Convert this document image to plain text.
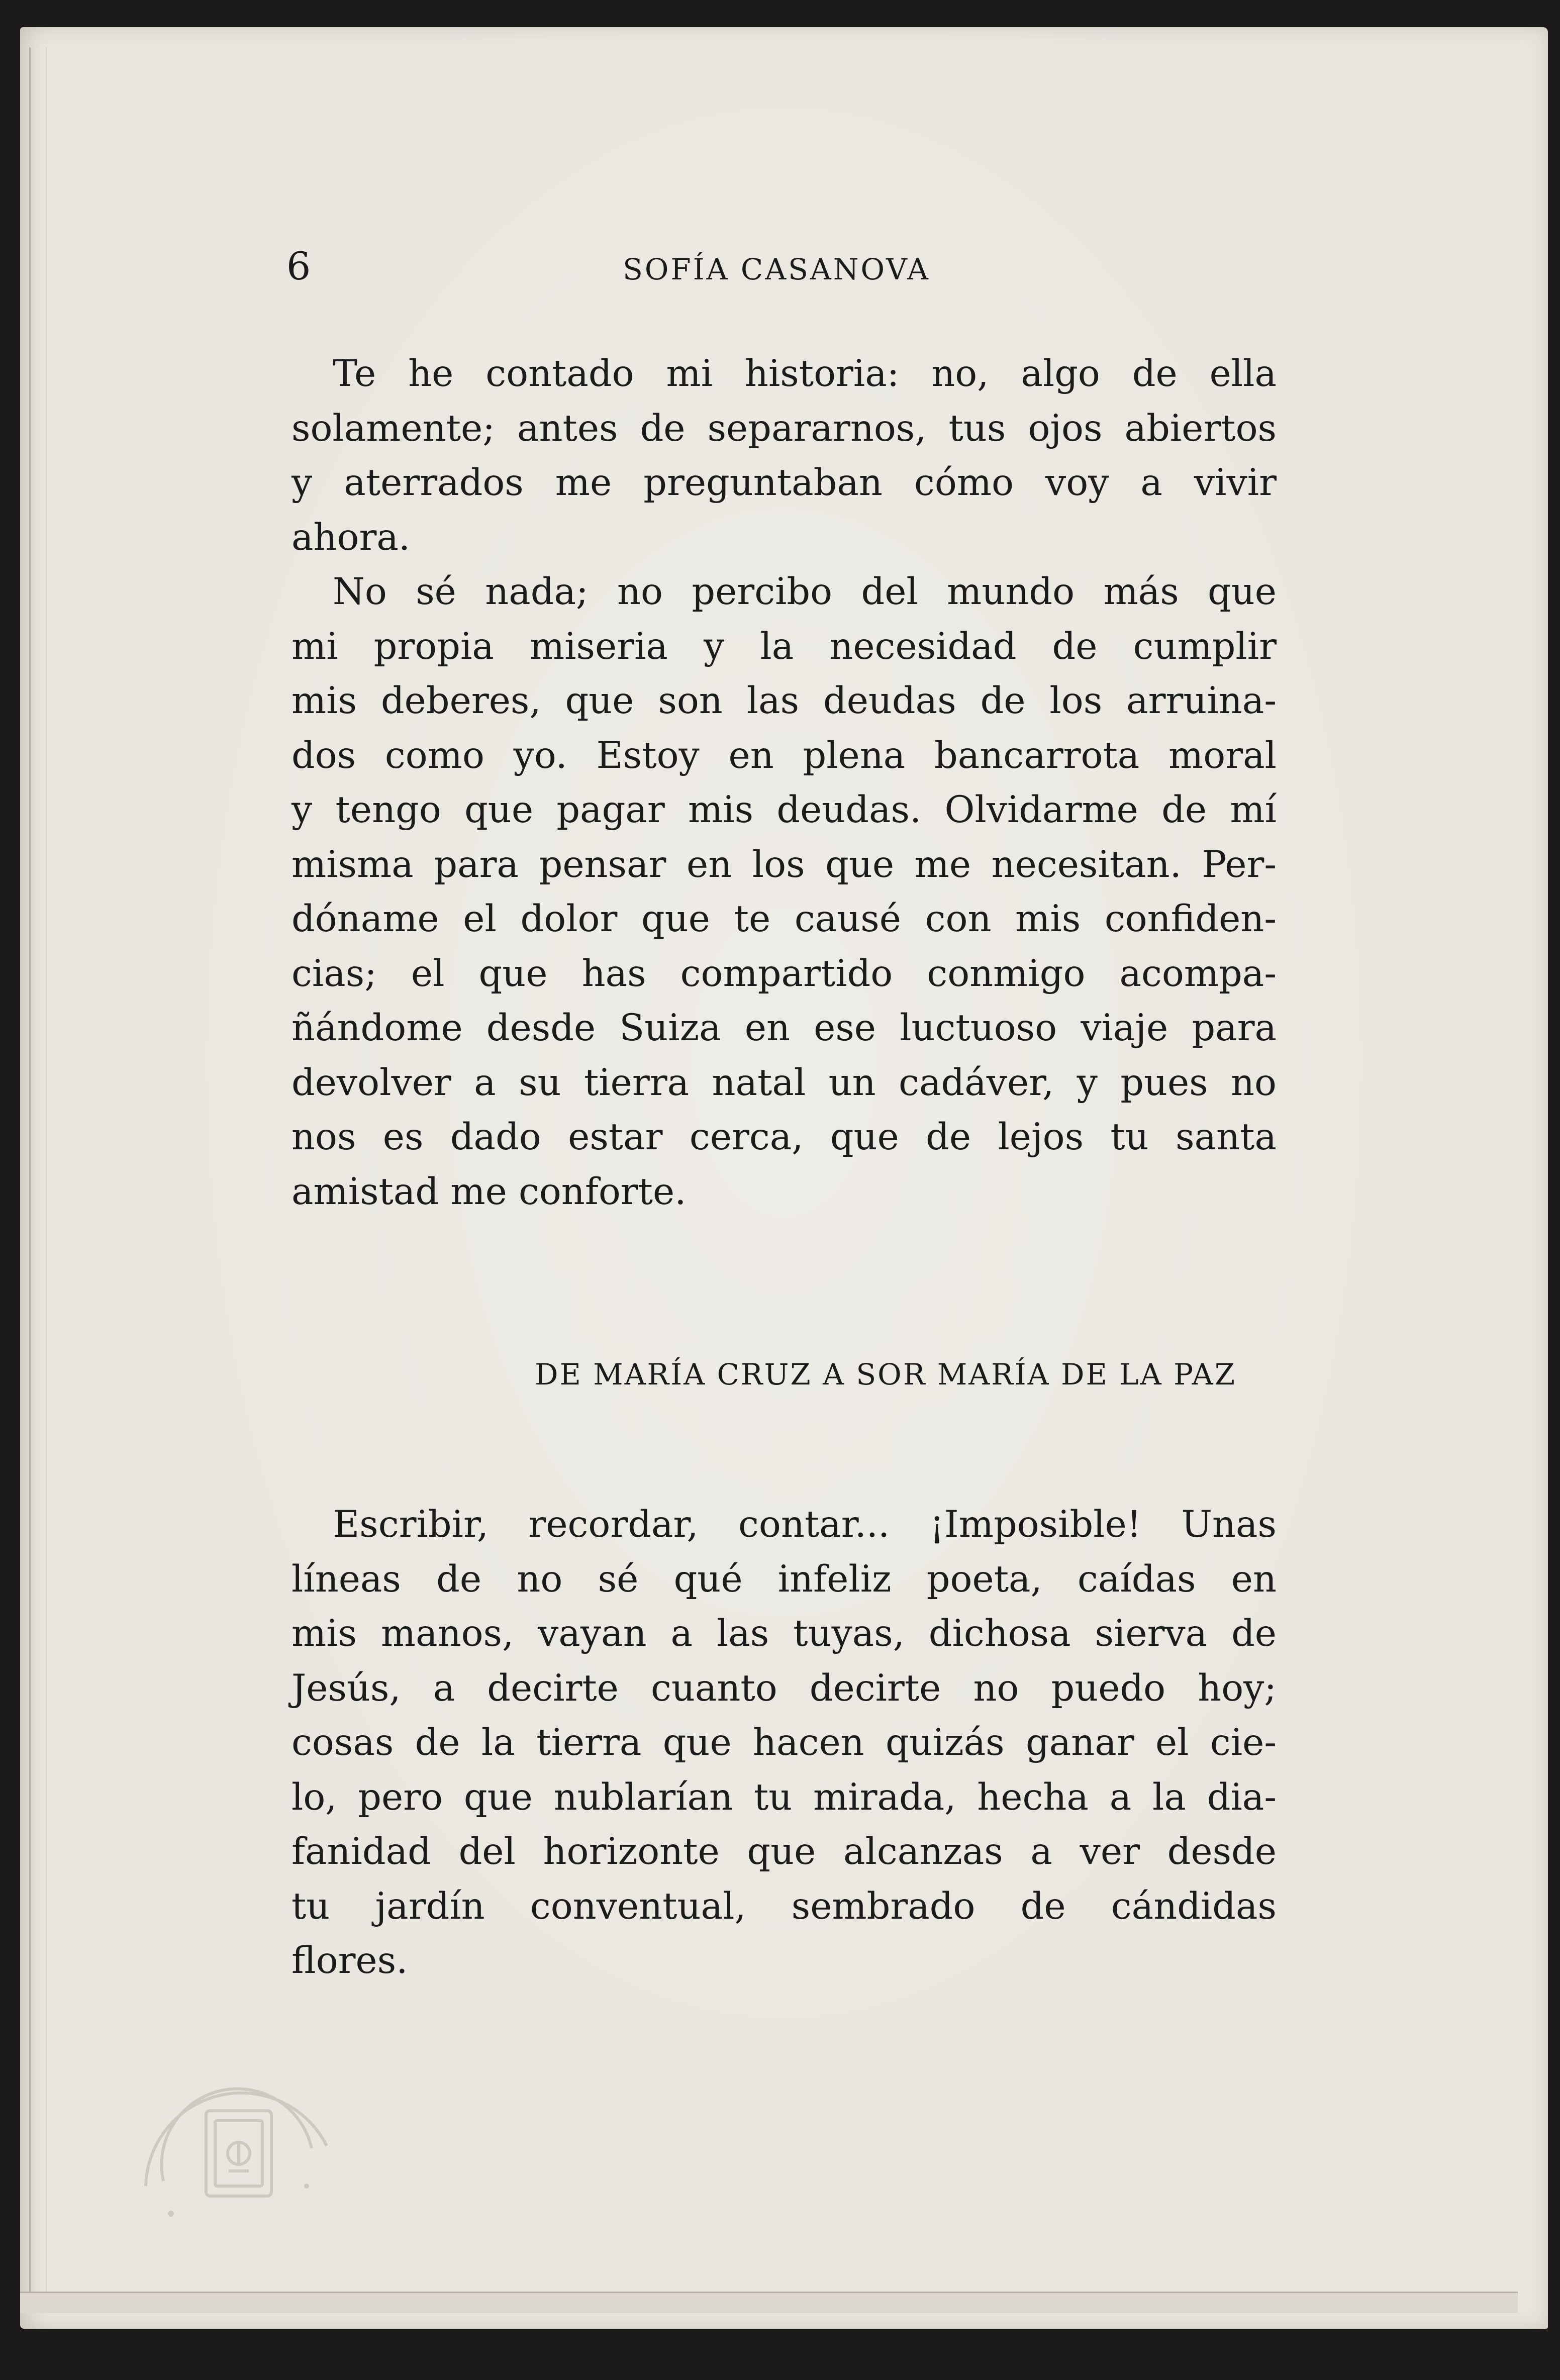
6	SOFÍA CASANOVA
Te he contado mi historia: no, algo de ella
solamente; antes de separarnos, tus ojos abiertos
y aterrados me preguntaban cómo voy a vivir
ahora.
No sé nada; no percibo del mundo más que
mi propia miseria y la necesidad de cumplir
mis deberes, que son las deudas de los arruina-
dos como yo. Estoy en plena bancarrota moral
y tengo que pagar mis deudas. Olvidarme de mí
misma para pensar en los que me necesitan. Per-
dóname el dolor que te causé con mis confiden-
cias; el que has compartido conmigo acompa-
ñándome desde Suiza en ese luctuoso viaje para
devolver a su tierra natal un cadáver, y pues no
nos es dado estar cerca, que de lejos tu santa
amistad me conforte.
DE MARÍA CRUZ A SOR MARÍA DE LA PAZ
Escribir, recordar, contar... ¡Imposible! Unas
líneas de no sé qué infeliz poeta, caídas en
mis manos, vayan a las tuyas, dichosa sierva de
Jesús, a decirte cuanto decirte no puedo hoy;
cosas de la tierra que hacen quizás ganar el cie-
lo, pero que nublarían tu mirada, hecha a la dia-
fanidad del horizonte que alcanzas a ver desde
tu jardín conventual, sembrado de cándidas
flores.
